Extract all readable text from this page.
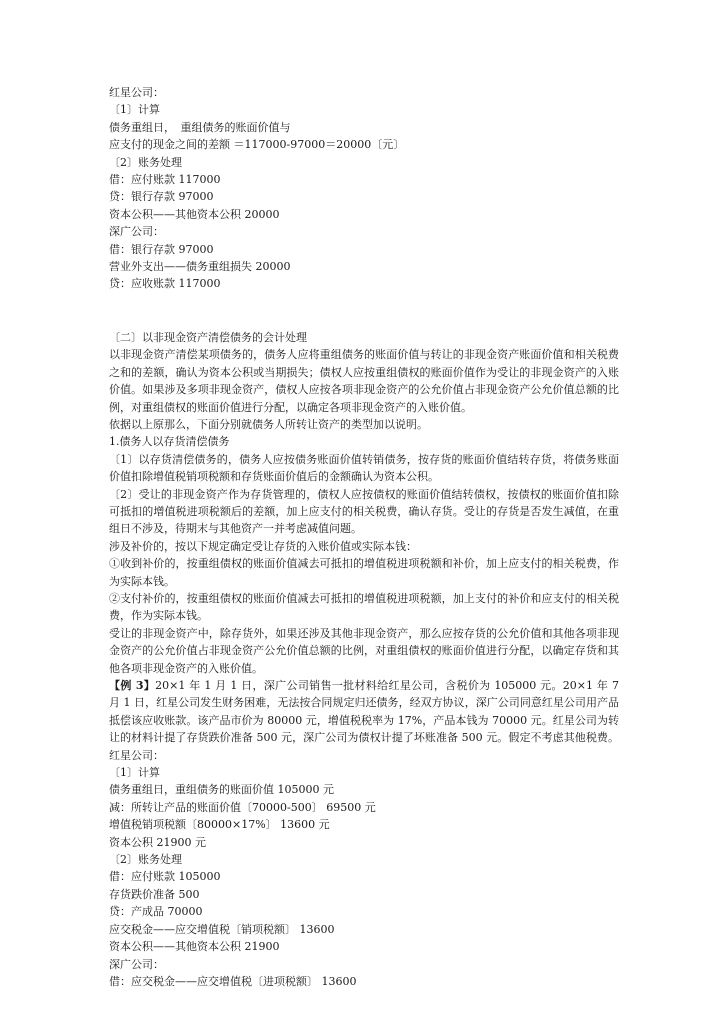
红星公司：
〔1〕计算
债务重组日，　重组债务的账面价值与
应支付的现金之间的差额 ＝117000-97000＝20000〔元〕
〔2〕账务处理
借：应付账款 117000
贷：银行存款 97000
资本公积——其他资本公积 20000
深广公司：
借：银行存款 97000
营业外支出——债务重组损失 20000
贷：应收账款 117000
〔二〕以非现金资产清偿债务的会计处理
以非现金资产清偿某项债务的，债务人应将重组债务的账面价值与转让的非现金资产账面价值和相关税费之和的差额，确认为资本公积或当期损失；债权人应按重组债权的账面价值作为受让的非现金资产的入账价值。如果涉及多项非现金资产，债权人应按各项非现金资产的公允价值占非现金资产公允价值总额的比例，对重组债权的账面价值进行分配，以确定各项非现金资产的入账价值。
依据以上原那么，下面分别就债务人所转让资产的类型加以说明。
1.债务人以存货清偿债务
〔1〕以存货清偿债务的，债务人应按债务账面价值转销债务，按存货的账面价值结转存货，将债务账面价值扣除增值税销项税额和存货账面价值后的金额确认为资本公积。
〔2〕受让的非现金资产作为存货管理的，债权人应按债权的账面价值结转债权，按债权的账面价值扣除可抵扣的增值税进项税额后的差额，加上应支付的相关税费，确认存货。受让的存货是否发生减值，在重组日不涉及，待期末与其他资产一并考虑减值问题。
涉及补价的，按以下规定确定受让存货的入账价值或实际本钱：
①收到补价的，按重组债权的账面价值减去可抵扣的增值税进项税额和补价，加上应支付的相关税费，作为实际本钱。
②支付补价的，按重组债权的账面价值减去可抵扣的增值税进项税额，加上支付的补价和应支付的相关税费，作为实际本钱。
受让的非现金资产中，除存货外，如果还涉及其他非现金资产，那么应按存货的公允价值和其他各项非现金资产的公允价值占非现金资产公允价值总额的比例，对重组债权的账面价值进行分配，以确定存货和其他各项非现金资产的入账价值。
【例 3】20×1 年 1 月 1 日，深广公司销售一批材料给红星公司，含税价为 105000 元。20×1 年 7 月 1 日，红星公司发生财务困难，无法按合同规定归还债务，经双方协议，深广公司同意红星公司用产品抵偿该应收账款。该产品市价为 80000 元，增值税税率为 17%，产品本钱为 70000 元。红星公司为转让的材料计提了存货跌价准备 500 元，深广公司为债权计提了坏账准备 500 元。假定不考虑其他税费。 红星公司：
〔1〕计算
债务重组日，重组债务的账面价值 105000 元
减：所转让产品的账面价值〔70000-500〕 69500 元
增值税销项税额〔80000×17%〕 13600 元
资本公积 21900 元
〔2〕账务处理
借：应付账款 105000
存货跌价准备 500
贷：产成品 70000
应交税金——应交增值税〔销项税额〕 13600
资本公积——其他资本公积 21900
深广公司：
借：应交税金——应交增值税〔进项税额〕 13600
